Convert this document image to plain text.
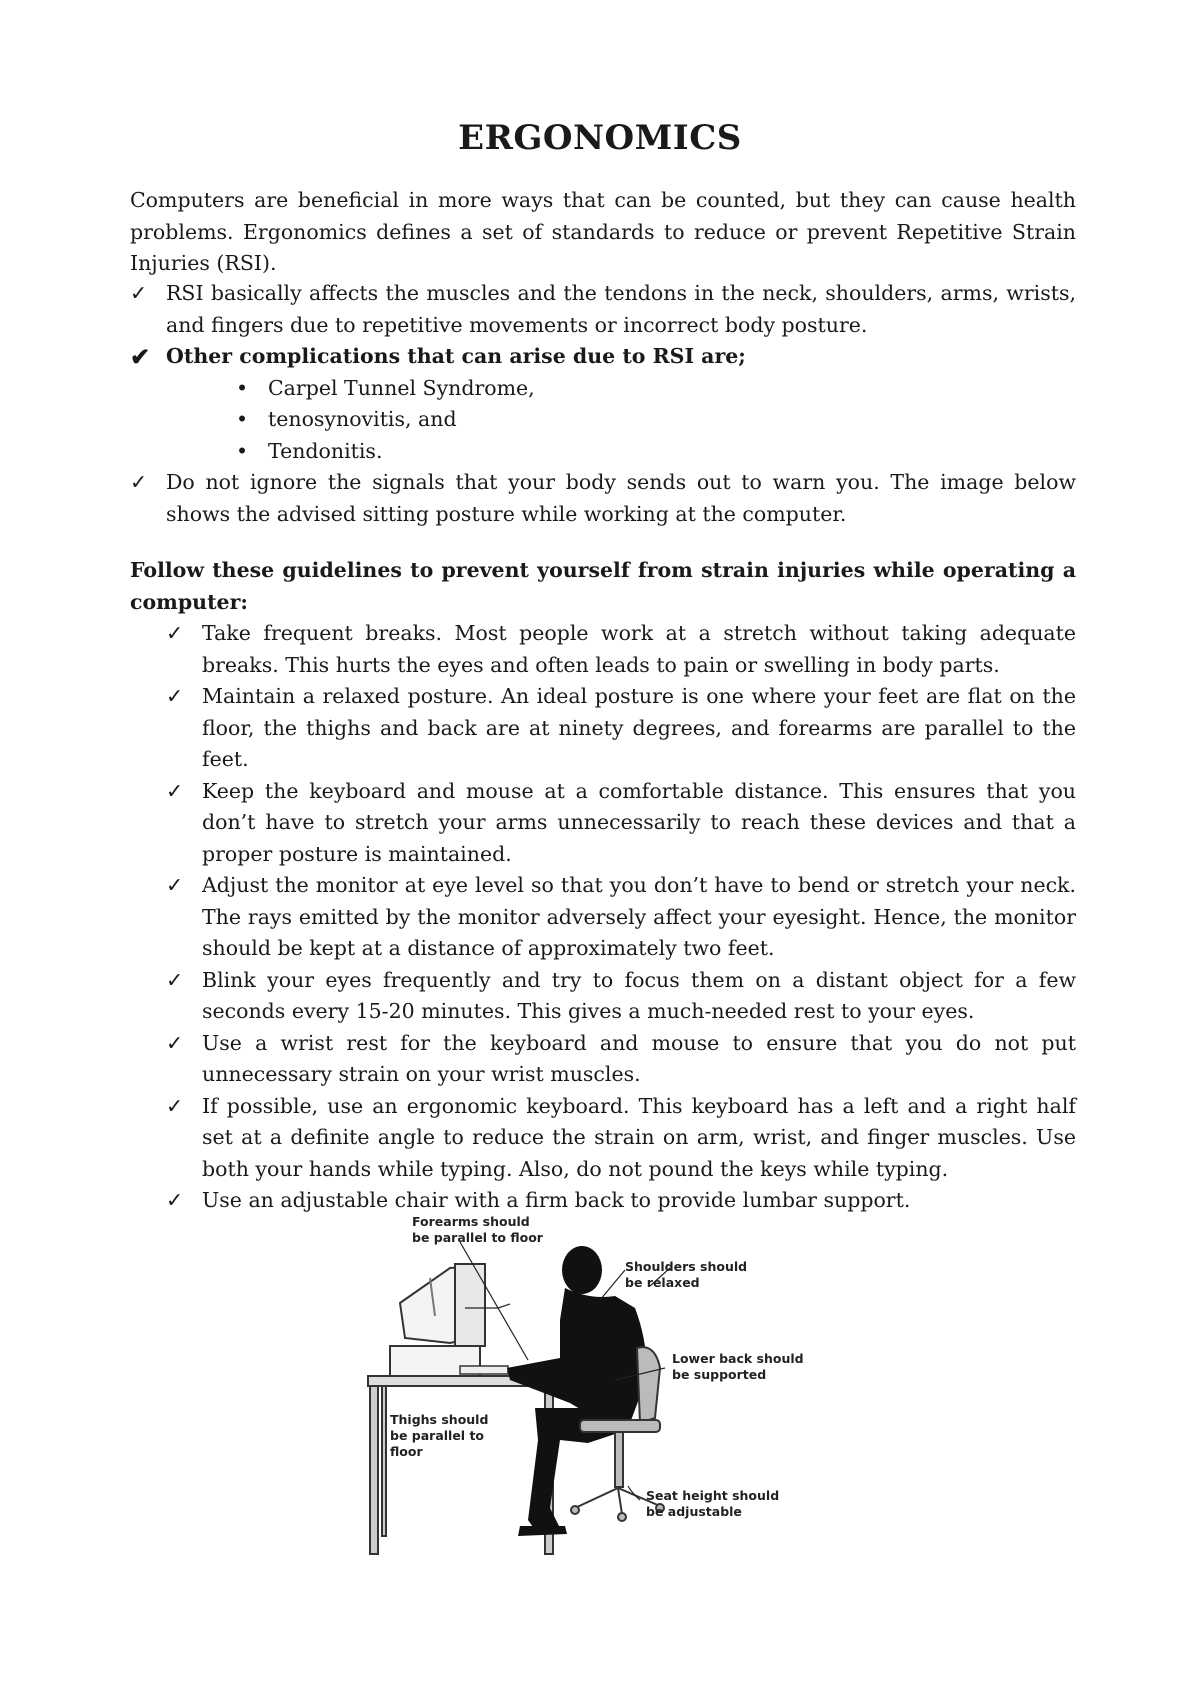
ERGONOMICS

Computers are beneficial in more ways that can be counted, but they can cause health problems. Ergonomics defines a set of standards to reduce or prevent Repetitive Strain Injuries (RSI).

✓ RSI basically affects the muscles and the tendons in the neck, shoulders, arms, wrists, and fingers due to repetitive movements or incorrect body posture.
✔ Other complications that can arise due to RSI are;
• Carpel Tunnel Syndrome,
• tenosynovitis, and
• Tendonitis.
✓ Do not ignore the signals that your body sends out to warn you. The image below shows the advised sitting posture while working at the computer.

Follow these guidelines to prevent yourself from strain injuries while operating a computer:

✓ Take frequent breaks. Most people work at a stretch without taking adequate breaks. This hurts the eyes and often leads to pain or swelling in body parts.
✓ Maintain a relaxed posture. An ideal posture is one where your feet are flat on the floor, the thighs and back are at ninety degrees, and forearms are parallel to the feet.
✓ Keep the keyboard and mouse at a comfortable distance. This ensures that you don’t have to stretch your arms unnecessarily to reach these devices and that a proper posture is maintained.
✓ Adjust the monitor at eye level so that you don’t have to bend or stretch your neck. The rays emitted by the monitor adversely affect your eyesight. Hence, the monitor should be kept at a distance of approximately two feet.
✓ Blink your eyes frequently and try to focus them on a distant object for a few seconds every 15-20 minutes. This gives a much-needed rest to your eyes.
✓ Use a wrist rest for the keyboard and mouse to ensure that you do not put unnecessary strain on your wrist muscles.
✓ If possible, use an ergonomic keyboard. This keyboard has a left and a right half set at a definite angle to reduce the strain on arm, wrist, and finger muscles. Use both your hands while typing. Also, do not pound the keys while typing.
✓ Use an adjustable chair with a firm back to provide lumbar support.
Forearms should
be parallel to floor
Shoulders should
be relaxed
Lower back should
be supported
Thighs should
be parallel to
floor
Seat height should
be adjustable
